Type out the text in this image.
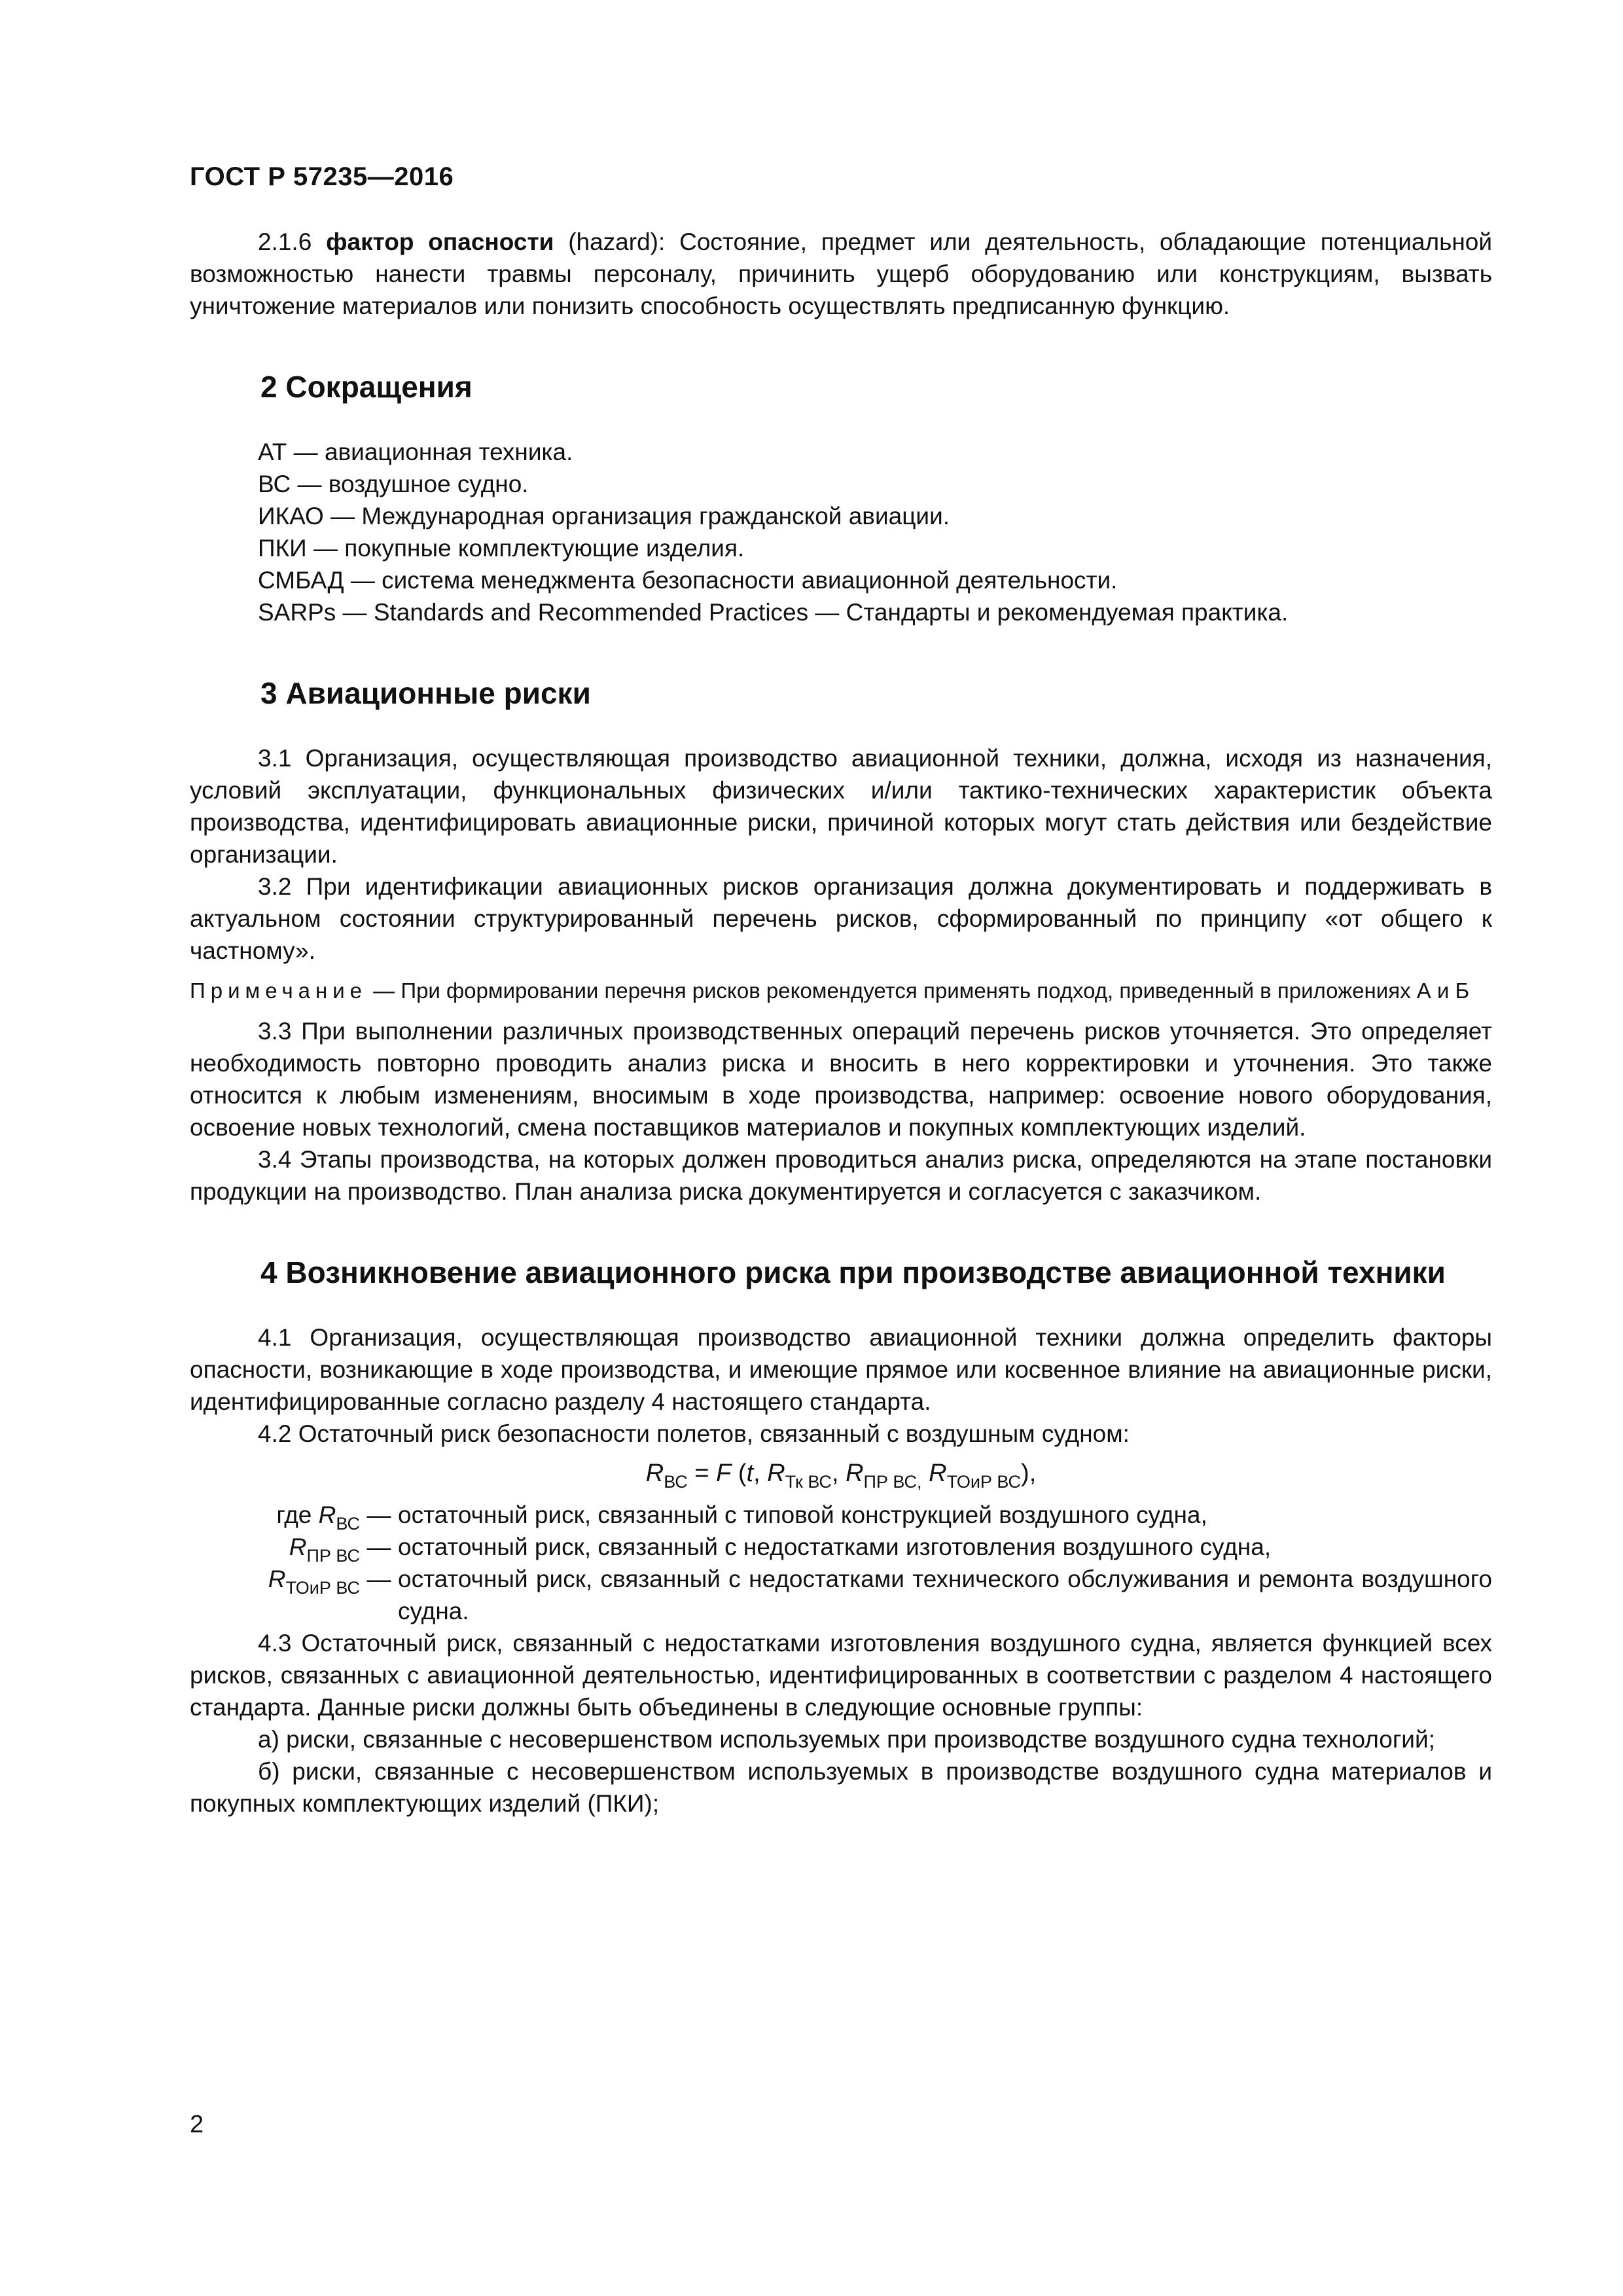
ГОСТ Р 57235—2016

2.1.6 фактор опасности (hazard): Состояние, предмет или деятельность, обладающие потенциальной возможностью нанести травмы персоналу, причинить ущерб оборудованию или конструкциям, вызвать уничтожение материалов или понизить способность осуществлять предписанную функцию.

2 Сокращения

АТ — авиационная техника.

ВС — воздушное судно.

ИКАО — Международная организация гражданской авиации.

ПКИ — покупные комплектующие изделия.

СМБАД — система менеджмента безопасности авиационной деятельности.

SARPs — Standards and Recommended Practices — Стандарты и рекомендуемая практика.

3 Авиационные риски

3.1 Организация, осуществляющая производство авиационной техники, должна, исходя из назначения, условий эксплуатации, функциональных физических и/или тактико-технических характеристик объекта производства, идентифицировать авиационные риски, причиной которых могут стать действия или бездействие организации.

3.2 При идентификации авиационных рисков организация должна документировать и поддерживать в актуальном состоянии структурированный перечень рисков, сформированный по принципу «от общего к частному».

Примечание — При формировании перечня рисков рекомендуется применять подход, приведенный в приложениях А и Б

3.3 При выполнении различных производственных операций перечень рисков уточняется. Это определяет необходимость повторно проводить анализ риска и вносить в него корректировки и уточнения. Это также относится к любым изменениям, вносимым в ходе производства, например: освоение нового оборудования, освоение новых технологий, смена поставщиков материалов и покупных комплектующих изделий.

3.4 Этапы производства, на которых должен проводиться анализ риска, определяются на этапе постановки продукции на производство. План анализа риска документируется и согласуется с заказчиком.

4 Возникновение авиационного риска при производстве авиационной техники

4.1 Организация, осуществляющая производство авиационной техники должна определить факторы опасности, возникающие в ходе производства, и имеющие прямое или косвенное влияние на авиационные риски, идентифицированные согласно разделу 4 настоящего стандарта.

4.2 Остаточный риск безопасности полетов, связанный с воздушным судном:

$R_{ВС} = F$ (t, $R_{Тк ВС}$, $R_{ПР ВС,}$ $R_{ТОиР ВС}$),

где $R_{ВС}$ — остаточный риск, связанный с типовой конструкцией воздушного судна,
$R_{ПР ВС}$ — остаточный риск, связанный с недостатками изготовления воздушного судна,
$R_{ТОиР ВС}$ — остаточный риск, связанный с недостатками технического обслуживания и ремонта воздушного судна.

4.3 Остаточный риск, связанный с недостатками изготовления воздушного судна, является функцией всех рисков, связанных с авиационной деятельностью, идентифицированных в соответствии с разделом 4 настоящего стандарта. Данные риски должны быть объединены в следующие основные группы:

а) риски, связанные с несовершенством используемых при производстве воздушного судна технологий;

б) риски, связанные с несовершенством используемых в производстве воздушного судна материалов и покупных комплектующих изделий (ПКИ);

2
